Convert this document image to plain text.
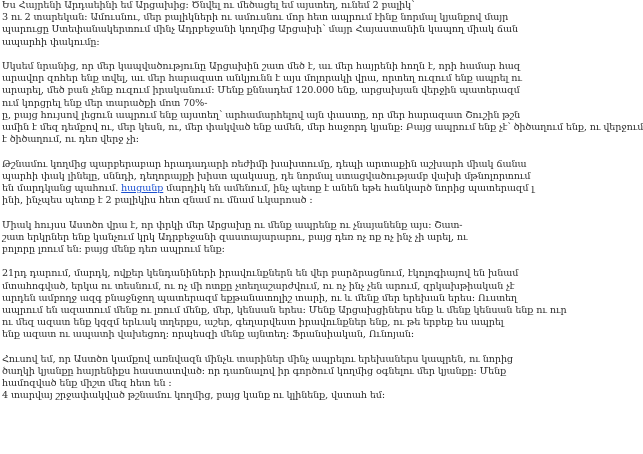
Ես Հայրենի Արդաեինի եմ Արցախից։ Ծնվել ու մեծացել եմ այստեղ, ունեմ 2 բալիկ՝
3 ու 2 տարեկան։ Ամուսնու, մեր բալիկների ու ամուսնու մոր հետ ապրում էինք նորմալ կյանքով մայր
պարուցը Ստեփանակերտում մինչ Ադրբեջանի կողմից Արցախի՝ մայր Հայաստանին կապող միակ ճան
ապարհի փակումը։
Սկսեմ նրանից, որ մեր կապվածությունը Արցախին շատ մեծ է, աւ մեր հայրենի հողն է, որի համար հազ
արավոր զոհեր ենք տվել, աւ մեր հարազատ անկյունն է այս մոլորակի վրա, որտեղ ուզում ենք ապրել ու
արարել, մեծ բան չենք ուզում իրականում։ Մենք քննադեմ 120.000 ենք, արցախյան վերջին պատերազմ
ում կորցրել ենք մեր տարածքի մոտ 70%-
ը, բայց հույսով լեցուն ապրում ենք այստեղ՝ արհամարհելով այն փաստը, որ մեր հարազատ Շուշին թշն
ամին է մեզ դեմքով ու, մեր կեսն, ու, մեր փակված ենք ամեն, մեր հաջորդ կյանք։ Բայց ապրում ենք չէ՝ ծիծաղում ենք, ու վերջում
է ծիծաղում, ու դեռ վերջ չի։
Թշնամու կողմից պարբերաբար հրադադարի ռեժիմի խախտումը, դեպի արտաքին աշխարհ միակ ճանա
պարհի փակ լինելը, սննդի, դեղորայքի խիստ պակասը, դե նորմալ ստացվածությամբ վախի մթնոլորտում
են մարդկանց պահում. հացանք մարդիկ են ամենում, ինչ պետք է անեն եթե հանկարծ նորից պատերազմ լ
ինի, ինչպես պետք է 2 բալիկիս հետ զնամ ու մնամ ևկարոած ։
Միակ հույսս Աստծո վրա է, որ փրկի մեր Արցախը ու մենք ապրենք ու չնայանենք այս։ Շատ-
շատ երկրներ ենք կանչում կրկ Ադրբեջանի զաստայարարու, բայց դեռ ոչ ոք ոչ ինչ չի արել, ու
բոլորը լռում են։ բայց մենք դեռ ապրում ենք։
21րդ դարում, մարդկ, ովքեր կենդանիների իրավունքներն են վեր բարձրացնում, էկոլոգիայով են խնամ
մտահոգված, երկա ու տեսնում, ու ոչ մի ոտքը չտեղաշարժվում, ու ոչ ինչ չեն արում, զրկախթիական չէ
արդեն ամբողջ ազգ բնաջնջող պատերազմ եքթանատոլիշ տարի, ու և մենք մեր երեխան երես։ Ուստեղ
ապրում են ազատում մենք ու լռում մենք, մեր, կենսան երես։ Մենք Արցախցիներս ենք և մենք կենսան ենք ու ուր
ու մեզ ազատ ենք կզզմ երևակ տղերքս, աշեր, գեղարվեստ իրավունքներ ենք, ու թե երբեք ես ապրել
ենք ազատ ու ապատի վախեցող։ որպեսզի մենք այնտեղ։ Ֆրանսիական, Ունոյան։
Հուսով եմ, որ Աստծո կամքով առնվազն մինչև տարիներ մինչ ապրելու երեխաներս կապրեն, ու նորից
ծաղկի կյանքը հայրենիքս հաստատված։ որ դառնալով իր գործում կողմից օգնելու մեր կյանքը։ Մենք
համոզված ենք միշտ մեզ հետ են ։
4 տարվայ շրջափակված թշնամու կողմից, բայց կանք ու կլինենք, վստահ եմ։
